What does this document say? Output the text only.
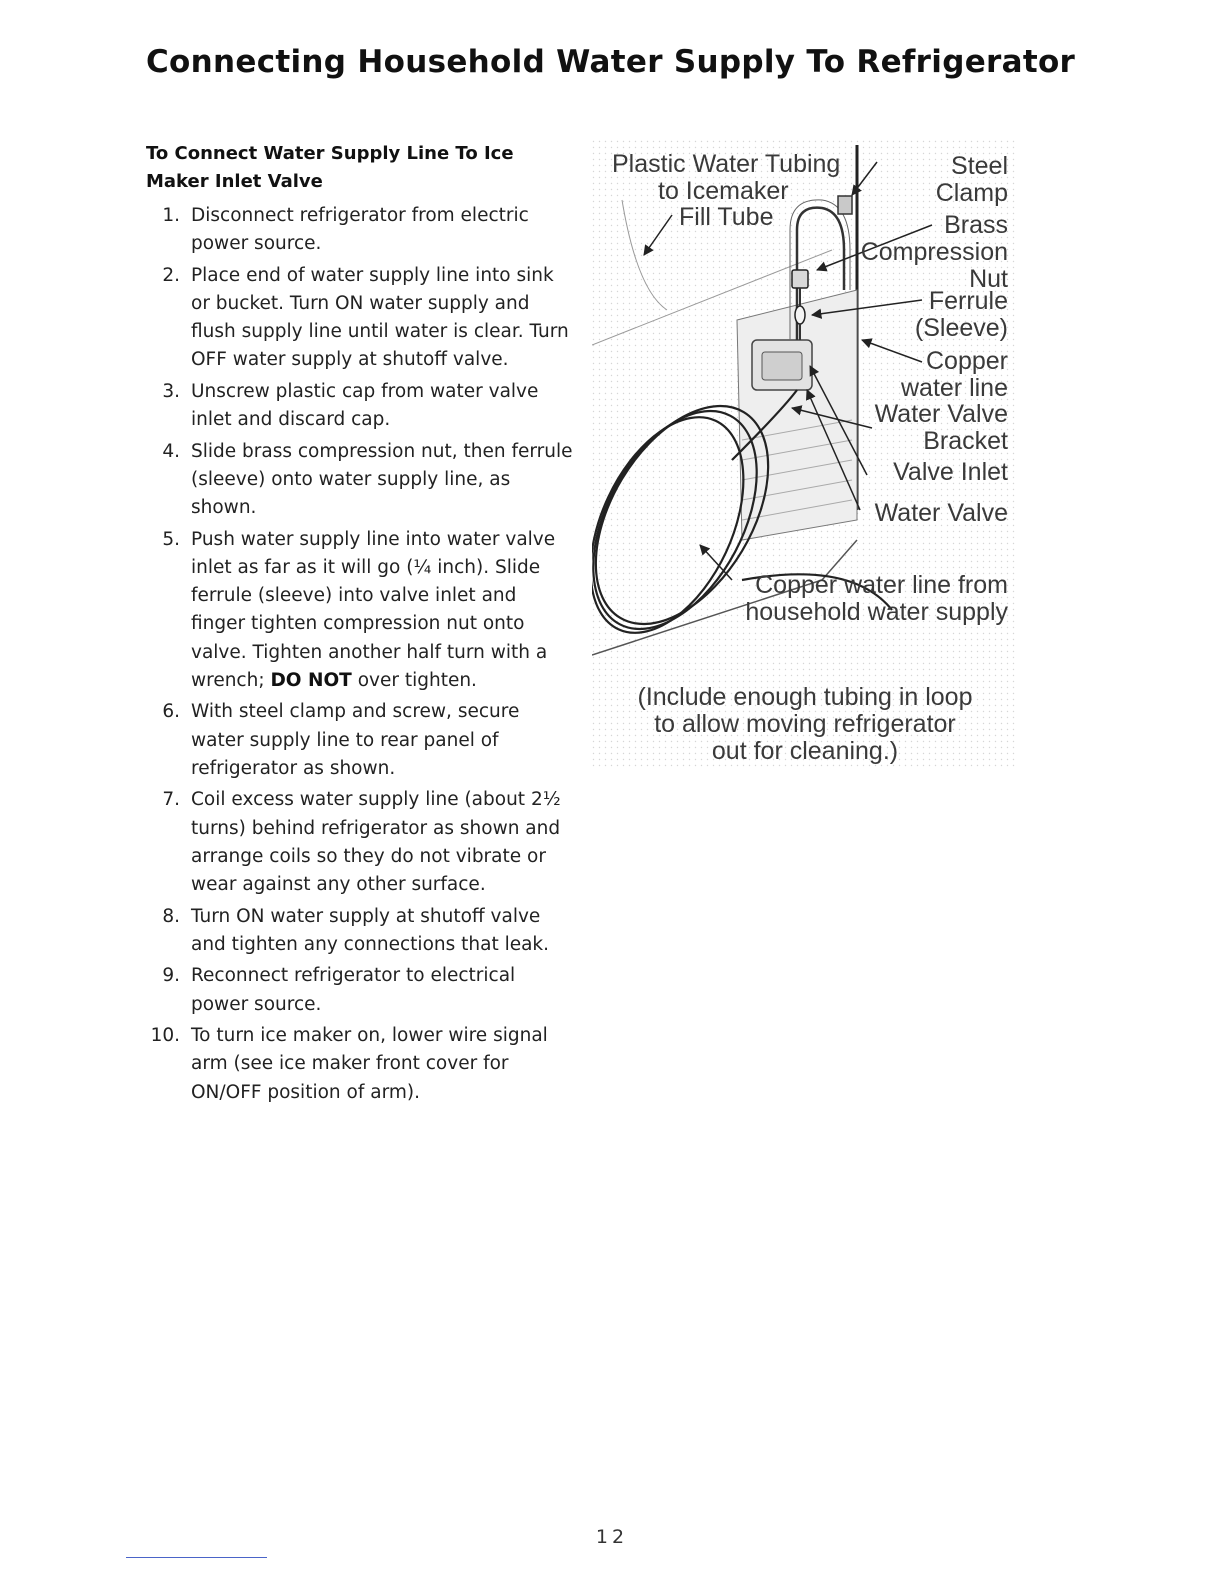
Connecting Household Water Supply To Refrigerator
To Connect Water Supply Line To Ice Maker Inlet Valve
1. Disconnect refrigerator from electric power source.
2. Place end of water supply line into sink or bucket. Turn ON water supply and flush supply line until water is clear. Turn OFF water supply at shutoff valve.
3. Unscrew plastic cap from water valve inlet and discard cap.
4. Slide brass compression nut, then ferrule (sleeve) onto water supply line, as shown.
5. Push water supply line into water valve inlet as far as it will go (¼ inch). Slide ferrule (sleeve) into valve inlet and finger tighten compression nut onto valve. Tighten another half turn with a wrench; DO NOT over tighten.
6. With steel clamp and screw, secure water supply line to rear panel of refrigerator as shown.
7. Coil excess water supply line (about 2½ turns) behind refrigerator as shown and arrange coils so they do not vibrate or wear against any other surface.
8. Turn ON water supply at shutoff valve and tighten any connections that leak.
9. Reconnect refrigerator to electrical power source.
10. To turn ice maker on, lower wire signal arm (see ice maker front cover for ON/OFF position of arm).
Plastic Water Tubing
to Icemaker
Fill Tube
Steel
Clamp
Brass
Compression
Nut
Ferrule
(Sleeve)
Copper
water line
Water Valve
Bracket
Valve Inlet
Water Valve
Copper water line from
household water supply
(Include enough tubing in loop
to allow moving refrigerator
out for cleaning.)
12
